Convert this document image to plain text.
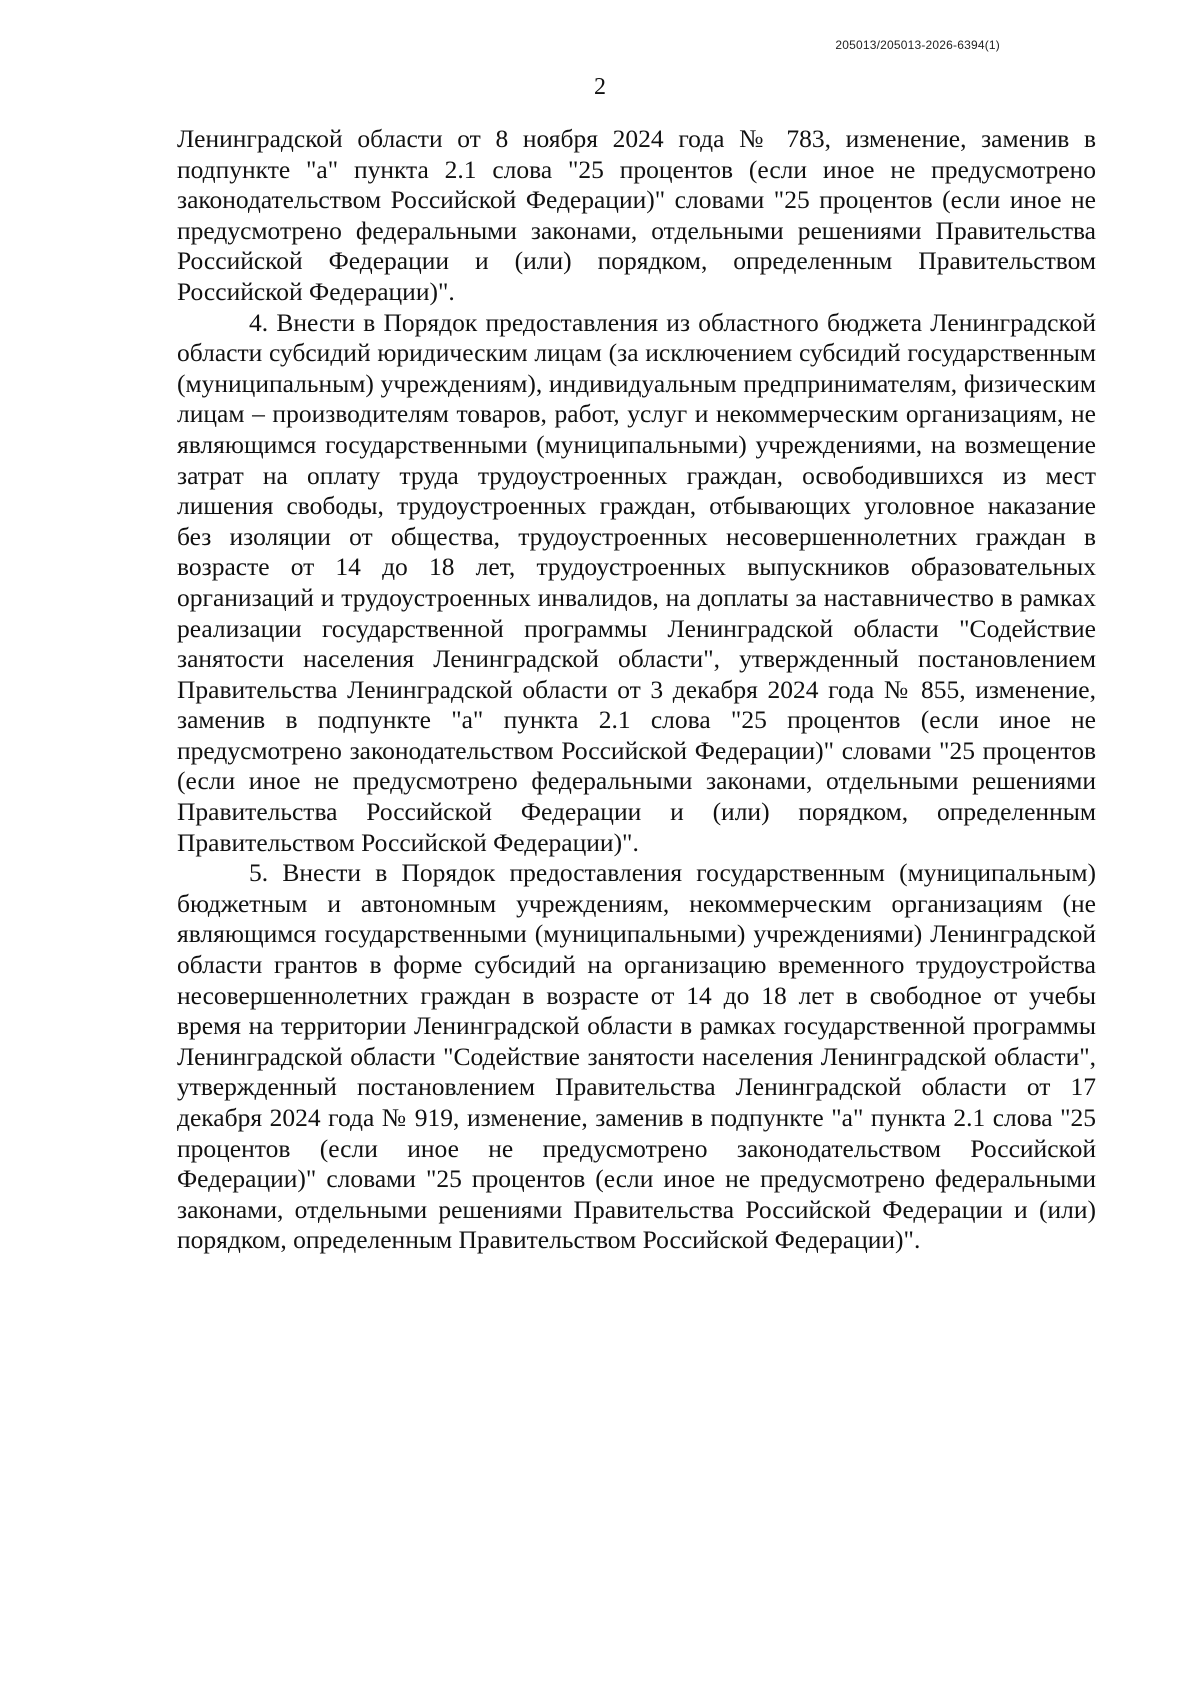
205013/205013-2026-6394(1)
2

Ленинградской области от 8 ноября 2024 года № 783, изменение, заменив в подпункте "а" пункта 2.1 слова "25 процентов (если иное не предусмотрено законодательством Российской Федерации)" словами "25 процентов (если иное не предусмотрено федеральными законами, отдельными решениями Правительства Российской Федерации и (или) порядком, определенным Правительством Российской Федерации)".

4. Внести в Порядок предоставления из областного бюджета Ленинградской области субсидий юридическим лицам (за исключением субсидий государственным (муниципальным) учреждениям), индивидуальным предпринимателям, физическим лицам – производителям товаров, работ, услуг и некоммерческим организациям, не являющимся государственными (муниципальными) учреждениями, на возмещение затрат на оплату труда трудоустроенных граждан, освободившихся из мест лишения свободы, трудоустроенных граждан, отбывающих уголовное наказание без изоляции от общества, трудоустроенных несовершеннолетних граждан в возрасте от 14 до 18 лет, трудоустроенных выпускников образовательных организаций и трудоустроенных инвалидов, на доплаты за наставничество в рамках реализации государственной программы Ленинградской области "Содействие занятости населения Ленинградской области", утвержденный постановлением Правительства Ленинградской области от 3 декабря 2024 года № 855, изменение, заменив в подпункте "а" пункта 2.1 слова "25 процентов (если иное не предусмотрено законодательством Российской Федерации)" словами "25 процентов (если иное не предусмотрено федеральными законами, отдельными решениями Правительства Российской Федерации и (или) порядком, определенным Правительством Российской Федерации)".

5. Внести в Порядок предоставления государственным (муниципальным) бюджетным и автономным учреждениям, некоммерческим организациям (не являющимся государственными (муниципальными) учреждениями) Ленинградской области грантов в форме субсидий на организацию временного трудоустройства несовершеннолетних граждан в возрасте от 14 до 18 лет в свободное от учебы время на территории Ленинградской области в рамках государственной программы Ленинградской области "Содействие занятости населения Ленинградской области", утвержденный постановлением Правительства Ленинградской области от 17 декабря 2024 года № 919, изменение, заменив в подпункте "а" пункта 2.1 слова "25 процентов (если иное не предусмотрено законодательством Российской Федерации)" словами "25 процентов (если иное не предусмотрено федеральными законами, отдельными решениями Правительства Российской Федерации и (или) порядком, определенным Правительством Российской Федерации)".
